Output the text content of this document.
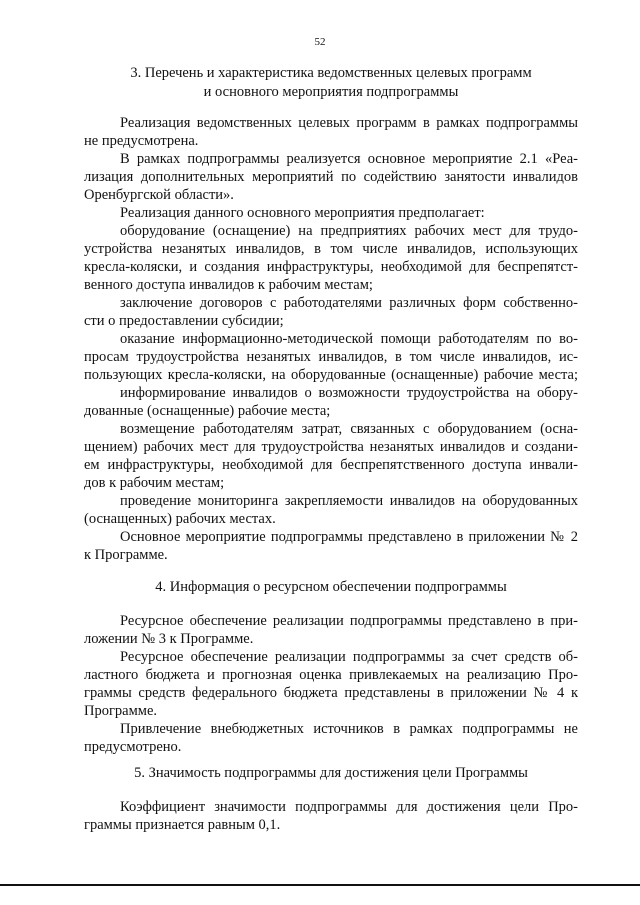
52
3. Перечень и характеристика ведомственных целевых программ
и основного мероприятия подпрограммы
Реализация ведомственных целевых программ в рамках подпрограммы
не предусмотрена.
В рамках подпрограммы реализуется основное мероприятие 2.1 «Реа-
лизация дополнительных мероприятий по содействию занятости инвалидов
Оренбургской области».
Реализация данного основного мероприятия предполагает:
оборудование (оснащение) на предприятиях рабочих мест для трудо-
устройства незанятых инвалидов, в том числе инвалидов, использующих
кресла-коляски, и создания инфраструктуры, необходимой для беспрепятст-
венного доступа инвалидов к рабочим местам;
заключение договоров с работодателями различных форм собственно-
сти о предоставлении субсидии;
оказание информационно-методической помощи работодателям по во-
просам трудоустройства незанятых инвалидов, в том числе инвалидов, ис-
пользующих кресла-коляски, на оборудованные (оснащенные) рабочие места;
информирование инвалидов о возможности трудоустройства на обору-
дованные (оснащенные) рабочие места;
возмещение работодателям затрат, связанных с оборудованием (осна-
щением) рабочих мест для трудоустройства незанятых инвалидов и создани-
ем инфраструктуры, необходимой для беспрепятственного доступа инвали-
дов к рабочим местам;
проведение мониторинга закрепляемости инвалидов на оборудованных
(оснащенных) рабочих местах.
Основное мероприятие подпрограммы представлено в приложении № 2
к Программе.
4. Информация о ресурсном обеспечении подпрограммы
Ресурсное обеспечение реализации подпрограммы представлено в при-
ложении № 3 к Программе.
Ресурсное обеспечение реализации подпрограммы за счет средств об-
ластного бюджета и прогнозная оценка привлекаемых на реализацию Про-
граммы средств федерального бюджета представлены в приложении № 4 к
Программе.
Привлечение внебюджетных источников в рамках подпрограммы не
предусмотрено.
5. Значимость подпрограммы для достижения цели Программы
Коэффициент значимости подпрограммы для достижения цели Про-
граммы признается равным 0,1.
